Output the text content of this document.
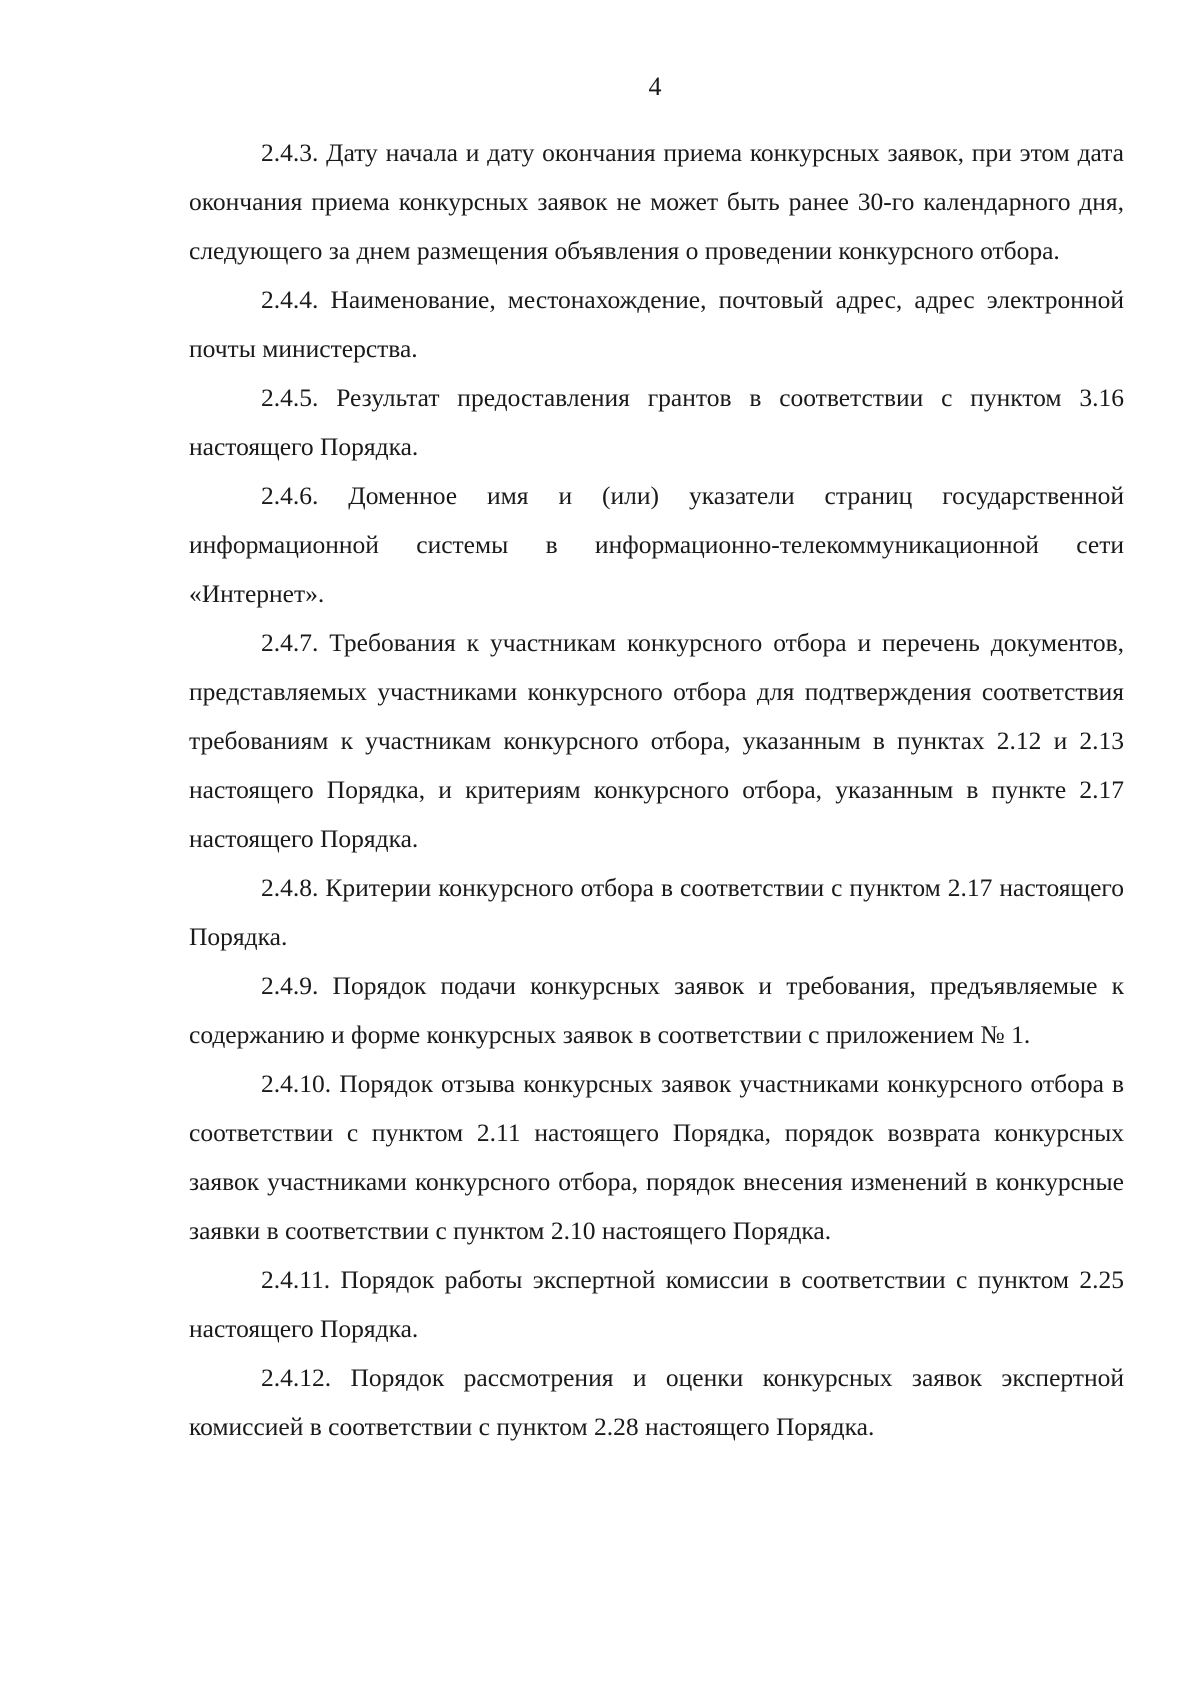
4

2.4.3. Дату начала и дату окончания приема конкурсных заявок, при этом дата окончания приема конкурсных заявок не может быть ранее 30-го календарного дня, следующего за днем размещения объявления о проведении конкурсного отбора.

2.4.4. Наименование, местонахождение, почтовый адрес, адрес электронной почты министерства.

2.4.5. Результат предоставления грантов в соответствии с пунктом 3.16 настоящего Порядка.

2.4.6. Доменное имя и (или) указатели страниц государственной информационной системы в информационно-телекоммуникационной сети «Интернет».

2.4.7. Требования к участникам конкурсного отбора и перечень документов, представляемых участниками конкурсного отбора для подтверждения соответствия требованиям к участникам конкурсного отбора, указанным в пунктах 2.12 и 2.13 настоящего Порядка, и критериям конкурсного отбора, указанным в пункте 2.17 настоящего Порядка.

2.4.8. Критерии конкурсного отбора в соответствии с пунктом 2.17 настоящего Порядка.

2.4.9. Порядок подачи конкурсных заявок и требования, предъявляемые к содержанию и форме конкурсных заявок в соответствии с приложением № 1.

2.4.10. Порядок отзыва конкурсных заявок участниками конкурсного отбора в соответствии с пунктом 2.11 настоящего Порядка, порядок возврата конкурсных заявок участниками конкурсного отбора, порядок внесения изменений в конкурсные заявки в соответствии с пунктом 2.10 настоящего Порядка.

2.4.11. Порядок работы экспертной комиссии в соответствии с пунктом 2.25 настоящего Порядка.

2.4.12. Порядок рассмотрения и оценки конкурсных заявок экспертной комиссией в соответствии с пунктом 2.28 настоящего Порядка.
